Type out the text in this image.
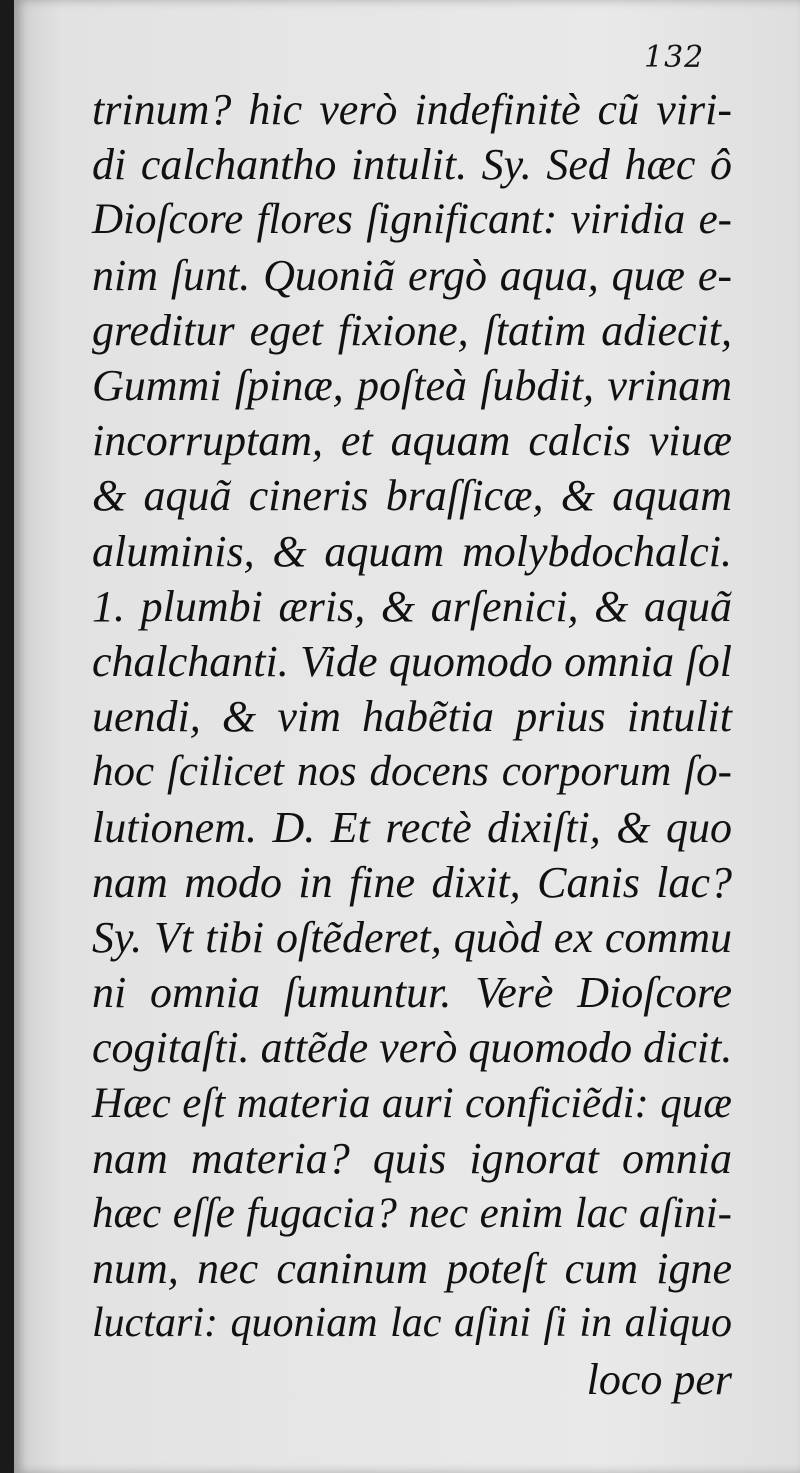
132
trinum? hic verò indefinitè cũ viri-
di calchantho intulit. Sy. Sed hæc ô
Dioſcore flores ſignificant: viridia e-
nim ſunt. Quoniã ergò aqua, quæ e-
greditur eget fixione, ſtatim adiecit,
Gummi ſpinæ, poſteà ſubdit, vrinam
incorruptam, et aquam calcis viuæ
& aquã cineris braſſicæ, & aquam
aluminis, & aquam molybdochalci.
1. plumbi æris, & arſenici, & aquã
chalchanti. Vide quomodo omnia ſol
uendi, & vim habẽtia prius intulit
hoc ſcilicet nos docens corporum ſo-
lutionem. D. Et rectè dixiſti, & quo
nam modo in fine dixit, Canis lac?
Sy. Vt tibi oſtẽderet, quòd ex commu
ni omnia ſumuntur. Verè Dioſcore
cogitaſti. attẽde verò quomodo dicit.
Hæc eſt materia auri conficiẽdi: quæ
nam materia? quis ignorat omnia
hæc eſſe fugacia? nec enim lac aſini-
num, nec caninum poteſt cum igne
luctari: quoniam lac aſini ſi in aliquo
loco per
